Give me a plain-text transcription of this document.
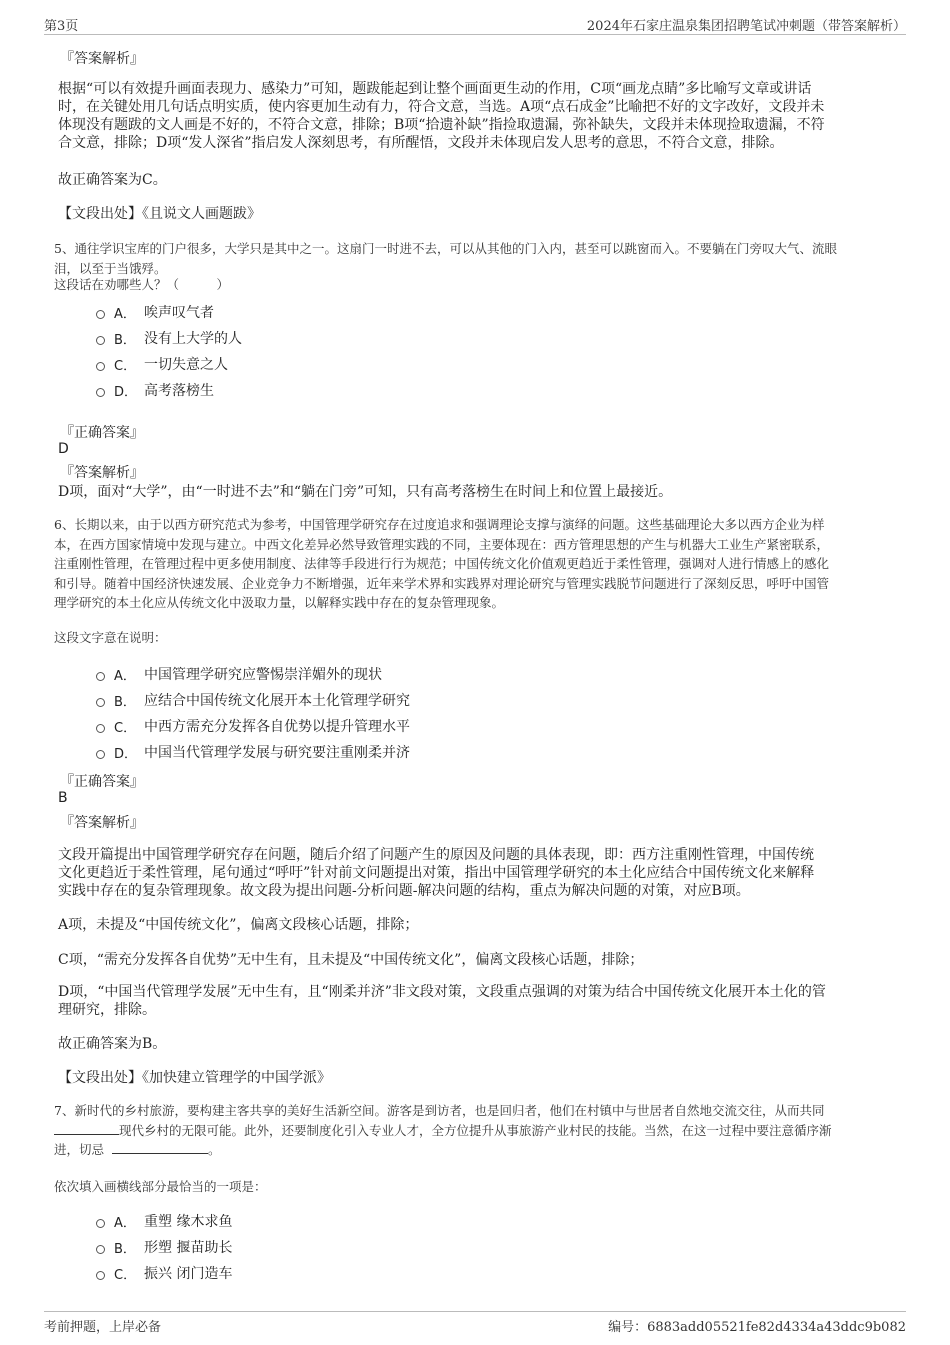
第3页	2024年石家庄温泉集团招聘笔试冲刺题（带答案解析）
『答案解析』
根据“可以有效提升画面表现力、感染力”可知，题跋能起到让整个画面更生动的作用，C项“画龙点睛”多比喻写文章或讲话
时，在关键处用几句话点明实质，使内容更加生动有力，符合文意，当选。A项“点石成金”比喻把不好的文字改好，文段并未
体现没有题跋的文人画是不好的，不符合文意，排除；B项“拾遗补缺”指捡取遗漏，弥补缺失，文段并未体现捡取遗漏，不符
合文意，排除；D项“发人深省”指启发人深刻思考，有所醒悟，文段并未体现启发人思考的意思，不符合文意，排除。
故正确答案为C。
【文段出处】《且说文人画题跋》
5、通往学识宝库的门户很多，大学只是其中之一。这扇门一时进不去，可以从其他的门入内，甚至可以跳窗而入。不要躺在门旁叹大气、流眼
泪，以至于当饿殍。
这段话在劝哪些人？（　　　）
A． 唉声叹气者
B． 没有上大学的人
C． 一切失意之人
D． 高考落榜生
『正确答案』
D
『答案解析』
D项，面对“大学”，由“一时进不去”和“躺在门旁”可知，只有高考落榜生在时间上和位置上最接近。
6、长期以来，由于以西方研究范式为参考，中国管理学研究存在过度追求和强调理论支撑与演绎的问题。这些基础理论大多以西方企业为样
本，在西方国家情境中发现与建立。中西文化差异必然导致管理实践的不同，主要体现在：西方管理思想的产生与机器大工业生产紧密联系，
注重刚性管理，在管理过程中更多使用制度、法律等手段进行行为规范；中国传统文化价值观更趋近于柔性管理，强调对人进行情感上的感化
和引导。随着中国经济快速发展、企业竞争力不断增强，近年来学术界和实践界对理论研究与管理实践脱节问题进行了深刻反思，呼吁中国管
理学研究的本土化应从传统文化中汲取力量，以解释实践中存在的复杂管理现象。
这段文字意在说明：
A． 中国管理学研究应警惕崇洋媚外的现状
B． 应结合中国传统文化展开本土化管理学研究
C． 中西方需充分发挥各自优势以提升管理水平
D． 中国当代管理学发展与研究要注重刚柔并济
『正确答案』
B
『答案解析』
文段开篇提出中国管理学研究存在问题，随后介绍了问题产生的原因及问题的具体表现，即：西方注重刚性管理，中国传统
文化更趋近于柔性管理，尾句通过“呼吁”针对前文问题提出对策，指出中国管理学研究的本土化应结合中国传统文化来解释
实践中存在的复杂管理现象。故文段为提出问题-分析问题-解决问题的结构，重点为解决问题的对策，对应B项。
A项，未提及“中国传统文化”，偏离文段核心话题，排除；
C项，“需充分发挥各自优势”无中生有，且未提及“中国传统文化”，偏离文段核心话题，排除；
D项，“中国当代管理学发展”无中生有，且“刚柔并济”非文段对策，文段重点强调的对策为结合中国传统文化展开本土化的管
理研究，排除。
故正确答案为B。
【文段出处】《加快建立管理学的中国学派》
7、新时代的乡村旅游，要构建主客共享的美好生活新空间。游客是到访者，也是回归者，他们在村镇中与世居者自然地交流交往，从而共同
现代乡村的无限可能。此外，还要制度化引入专业人才，全方位提升从事旅游产业村民的技能。当然，在这一过程中要注意循序渐
进，切忌	。
依次填入画横线部分最恰当的一项是：
A． 重塑 缘木求鱼
B． 形塑 揠苗助长
C． 振兴 闭门造车
考前押题，上岸必备	编号：6883add05521fe82d4334a43ddc9b082
